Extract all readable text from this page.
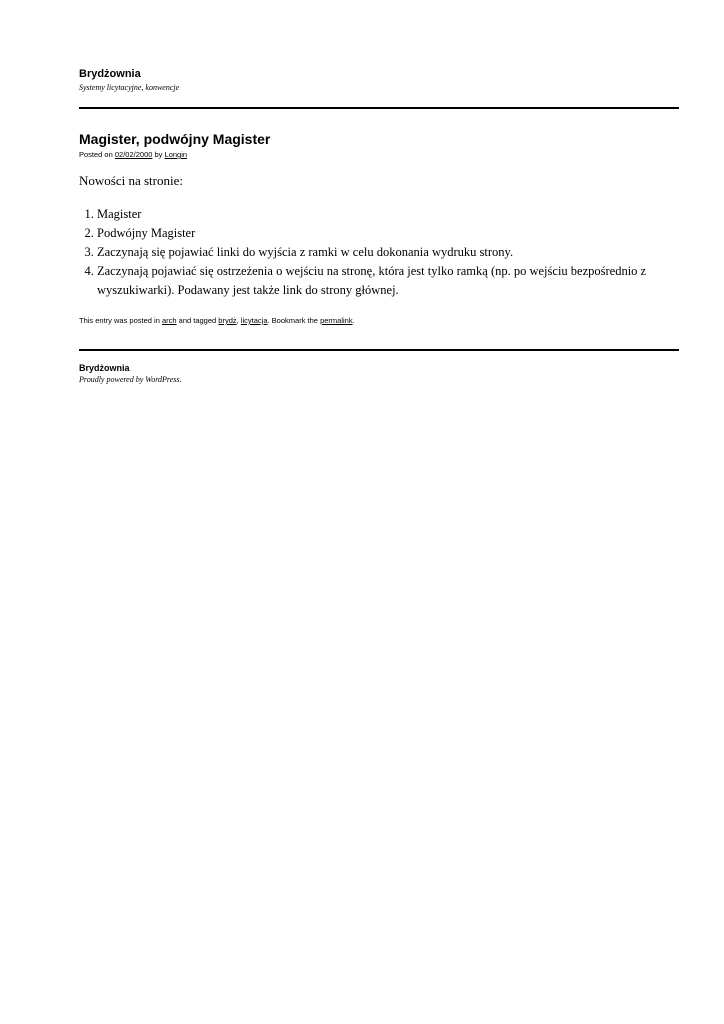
Brydżownia
Systemy licytacyjne, konwencje
Magister, podwójny Magister
Posted on 02/02/2000 by Longin

Nowości na stronie:

1. Magister
2. Podwójny Magister
3. Zaczynają się pojawiać linki do wyjścia z ramki w celu dokonania wydruku strony.
4. Zaczynają pojawiać się ostrzeżenia o wejściu na stronę, która jest tylko ramką (np. po wejściu bezpośrednio z wyszukiwarki). Podawany jest także link do strony głównej.
This entry was posted in arch and tagged brydż, licytacja. Bookmark the permalink.
Brydżownia
Proudly powered by WordPress.
